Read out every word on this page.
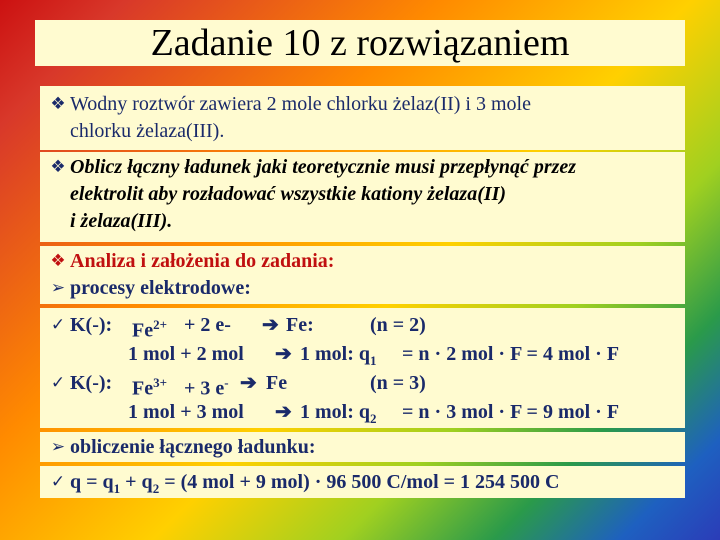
Zadanie 10 z rozwiązaniem
❖ Wodny roztwór zawiera 2 mole chlorku żelaz(II) i 3 mole
chlorku żelaza(III).
❖ Oblicz łączny ładunek jaki teoretycznie musi przepłynąć przez
elektrolit aby rozładować wszystkie kationy żelaza(II)
i żelaza(III).
❖ Analiza i założenia do zadania:
➢ procesy elektrodowe:
✓ K(-): $Fe^{2+} + 2$ e- ➔ Fe:	(n = 2)
1 mol + 2 mol ➔ 1 mol: $q_1 = n \cdot 2$ mol · F = 4 mol · F
✓ K(-): $Fe^{3+} + 3$ e- ➔ Fe	(n = 3)
1 mol + 3 mol ➔ 1 mol: $q_2 = n \cdot 3$ mol · F = 9 mol · F
➢ obliczenie łącznego ładunku:
✓ $q = q_1 + q_2 = (4$ mol + 9 mol) · 96 500 C/mol = 1 254 500 C
